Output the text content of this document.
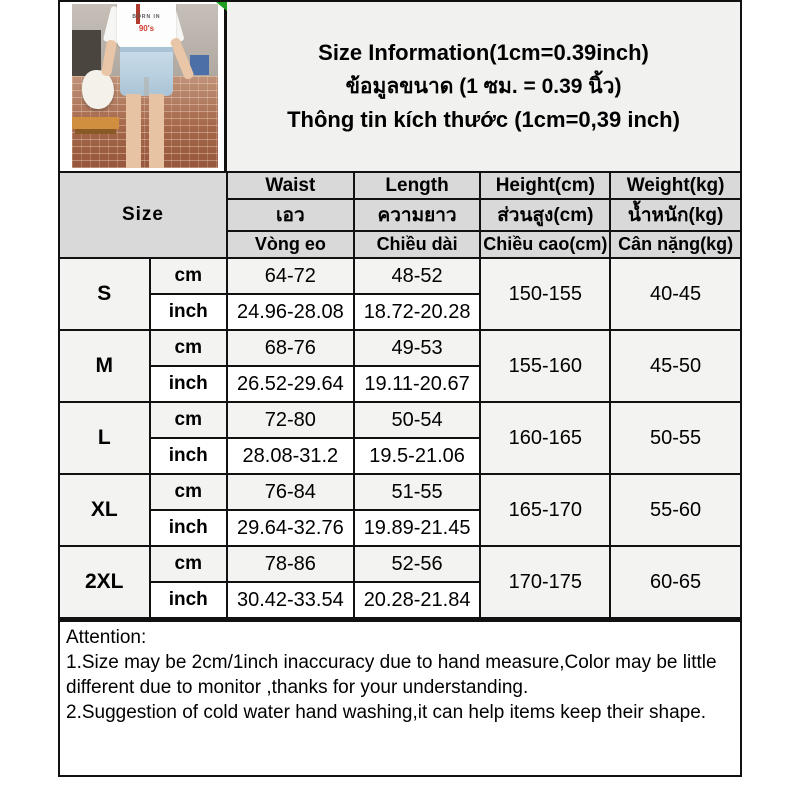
BORN IN
90's
Size Information(1cm=0.39inch)
ข้อมูลขนาด (1 ซม. = 0.39 นิ้ว)
Thông tin kích thước (1cm=0,39 inch)
Size		Waist	Length	Height(cm)	Weight(kg)
		เอว	ความยาว	ส่วนสูง(cm)	น้ำหนัก(kg)
		Vòng eo	Chiều dài	Chiều cao(cm)	Cân nặng(kg)
S	cm	64-72	48-52	150-155	40-45
	inch	24.96-28.08	18.72-20.28		
M	cm	68-76	49-53	155-160	45-50
	inch	26.52-29.64	19.11-20.67		
L	cm	72-80	50-54	160-165	50-55
	inch	28.08-31.2	19.5-21.06		
XL	cm	76-84	51-55	165-170	55-60
	inch	29.64-32.76	19.89-21.45		
2XL	cm	78-86	52-56	170-175	60-65
	inch	30.42-33.54	20.28-21.84		

Attention:

1.Size may be 2cm/1inch inaccuracy due to hand measure,Color may be little different due to monitor ,thanks for your understanding.

2.Suggestion of cold water hand washing,it can help items keep their shape.
